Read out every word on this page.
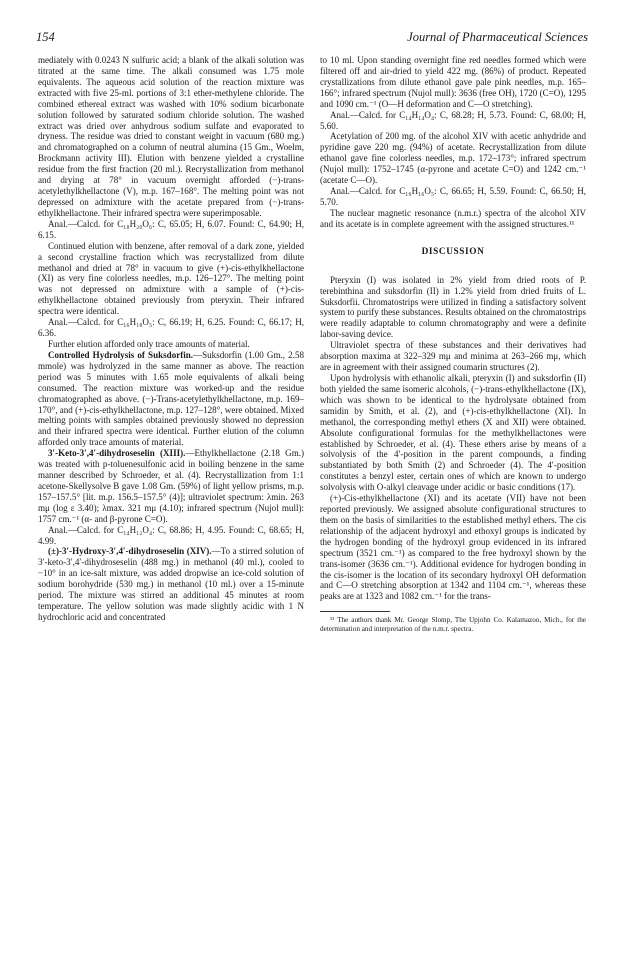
154	Journal of Pharmaceutical Sciences

mediately with 0.0243 N sulfuric acid; a blank of the alkali solution was titrated at the same time. The alkali consumed was 1.75 mole equivalents. The aqueous acid solution of the reaction mixture was extracted with five 25-ml. portions of 3:1 ether-methylene chloride. The combined ethereal extract was washed with 10% sodium bicarbonate solution followed by saturated sodium chloride solution. The washed extract was dried over anhydrous sodium sulfate and evaporated to dryness. The residue was dried to constant weight in vacuum (680 mg.) and chromatographed on a column of neutral alumina (15 Gm., Woelm, Brockmann activity III). Elution with benzene yielded a crystalline residue from the first fraction (20 ml.). Recrystallization from methanol and drying at 78° in vacuum overnight afforded (−)-trans-acetylethylkhellactone (V), m.p. 167–168°. The melting point was not depressed on admixture with the acetate prepared from (−)-trans-ethylkhellactone. Their infrared spectra were superimposable.

Anal.—Calcd. for C₁₈H₂₀O₆: C, 65.05; H, 6.07. Found: C, 64.90; H, 6.15.

Continued elution with benzene, after removal of a dark zone, yielded a second crystalline fraction which was recrystallized from dilute methanol and dried at 78° in vacuum to give (+)-cis-ethylkhellactone (XI) as very fine colorless needles, m.p. 126–127°. The melting point was not depressed on admixture with a sample of (+)-cis-ethylkhellactone obtained previously from pteryxin. Their infrared spectra were identical.

Anal.—Calcd. for C₁₆H₁₈O₅: C, 66.19; H, 6.25. Found: C, 66.17; H, 6.36.

Further elution afforded only trace amounts of material.

Controlled Hydrolysis of Suksdorfin.—Suksdorfin (1.00 Gm., 2.58 mmole) was hydrolyzed in the same manner as above. The reaction period was 5 minutes with 1.65 mole equivalents of alkali being consumed. The reaction mixture was worked-up and the residue chromatographed as above. (−)-Trans-acetylethylkhellactone, m.p. 169–170°, and (+)-cis-ethylkhellactone, m.p. 127–128°, were obtained. Mixed melting points with samples obtained previously showed no depression and their infrared spectra were identical. Further elution of the column afforded only trace amounts of material.

3′-Keto-3′,4′-dihydroseselin (XIII).—Ethylkhellactone (2.18 Gm.) was treated with p-toluenesulfonic acid in boiling benzene in the same manner described by Schroeder, et al. (4). Recrystallization from 1:1 acetone-Skellysolve B gave 1.08 Gm. (59%) of light yellow prisms, m.p. 157–157.5° [lit. m.p. 156.5–157.5° (4)]; ultraviolet spectrum: λmin. 263 mμ (log ε 3.40); λmax. 321 mμ (4.10); infrared spectrum (Nujol mull): 1757 cm.⁻¹ (α- and β-pyrone C=O).

Anal.—Calcd. for C₁₄H₁₂O₄: C, 68.86; H, 4.95. Found: C, 68.65; H, 4.99.

(±)-3′-Hydroxy-3′,4′-dihydroseselin (XIV).—To a stirred solution of 3′-keto-3′,4′-dihydroseselin (488 mg.) in methanol (40 ml.), cooled to −10° in an ice-salt mixture, was added dropwise an ice-cold solution of sodium borohydride (530 mg.) in methanol (10 ml.) over a 15-minute period. The mixture was stirred an additional 45 minutes at room temperature. The yellow solution was made slightly acidic with 1 N hydrochloric acid and concentrated

to 10 ml. Upon standing overnight fine red needles formed which were filtered off and air-dried to yield 422 mg. (86%) of product. Repeated crystallizations from dilute ethanol gave pale pink needles, m.p. 165–166°; infrared spectrum (Nujol mull): 3636 (free OH), 1720 (C=O), 1295 and 1090 cm.⁻¹ (O—H deformation and C—O stretching).

Anal.—Calcd. for C₁₄H₁₄O₄: C, 68.28; H, 5.73. Found: C, 68.00; H, 5.60.

Acetylation of 200 mg. of the alcohol XIV with acetic anhydride and pyridine gave 220 mg. (94%) of acetate. Recrystallization from dilute ethanol gave fine colorless needles, m.p. 172–173°; infrared spectrum (Nujol mull): 1752–1745 (α-pyrone and acetate C=O) and 1242 cm.⁻¹ (acetate C—O).

Anal.—Calcd. for C₁₆H₁₆O₅: C, 66.65; H, 5.59. Found: C, 66.50; H, 5.70.

The nuclear magnetic resonance (n.m.r.) spectra of the alcohol XIV and its acetate is in complete agreement with the assigned structures.¹¹

DISCUSSION

Pteryxin (I) was isolated in 2% yield from dried roots of P. terebinthina and suksdorfin (II) in 1.2% yield from dried fruits of L. Suksdorfii. Chromatostrips were utilized in finding a satisfactory solvent system to purify these substances. Results obtained on the chromatostrips were readily adaptable to column chromatography and were a definite labor-saving device.

Ultraviolet spectra of these substances and their derivatives had absorption maxima at 322–329 mμ and minima at 263–266 mμ, which are in agreement with their assigned coumarin structures (2).

Upon hydrolysis with ethanolic alkali, pteryxin (I) and suksdorfin (II) both yielded the same isomeric alcohols, (−)-trans-ethylkhellactone (IX), which was shown to be identical to the hydrolysate obtained from samidin by Smith, et al. (2), and (+)-cis-ethylkhellactone (XI). In methanol, the corresponding methyl ethers (X and XII) were obtained. Absolute configurational formulas for the methylkhellactones were established by Schroeder, et al. (4). These ethers arise by means of a solvolysis of the 4′-position in the parent compounds, a finding substantiated by both Smith (2) and Schroeder (4). The 4′-position constitutes a benzyl ester, certain ones of which are known to undergo solvolysis with O-alkyl cleavage under acidic or basic conditions (17).

(+)-Cis-ethylkhellactone (XI) and its acetate (VII) have not been reported previously. We assigned absolute configurational structures to them on the basis of similarities to the established methyl ethers. The cis relationship of the adjacent hydroxyl and ethoxyl groups is indicated by the hydrogen bonding of the hydroxyl group evidenced in its infrared spectrum (3521 cm.⁻¹) as compared to the free hydroxyl shown by the trans-isomer (3636 cm.⁻¹). Additional evidence for hydrogen bonding in the cis-isomer is the location of its secondary hydroxyl OH deformation and C—O stretching absorption at 1342 and 1104 cm.⁻¹, whereas these peaks are at 1323 and 1082 cm.⁻¹ for the trans-

¹¹ The authors thank Mr. George Slomp, The Upjohn Co. Kalamazoo, Mich., for the determination and interpretation of the n.m.r. spectra.
